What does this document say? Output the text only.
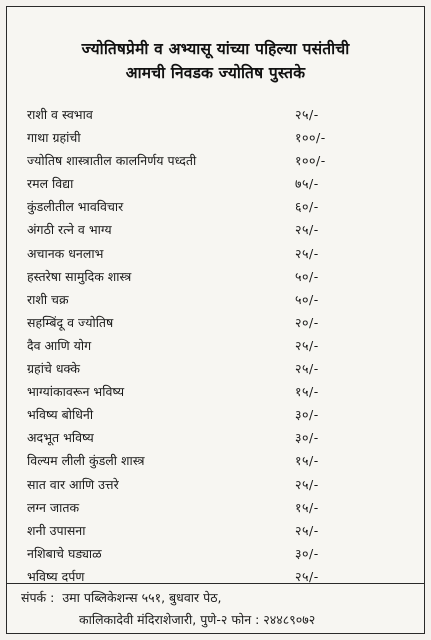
ज्योतिषप्रेमी व अभ्यासू यांच्या पहिल्या पसंतीची
आमची निवडक ज्योतिष पुस्तके
राशी व स्वभाव	२५/-
गाथा ग्रहांची	१००/-
ज्योतिष शास्त्रातील कालनिर्णय पध्दती	१००/-
रमल विद्या	७५/-
कुंडलीतील भावविचार	६०/-
अंगठी रत्ने व भाग्य	२५/-
अचानक धनलाभ	२५/-
हस्तरेषा सामुदिक शास्त्र	५०/-
राशी चक्र	५०/-
सहम्बिंदू व ज्योतिष	२०/-
दैव आणि योग	२५/-
ग्रहांचे धक्के	२५/-
भाग्यांकावरून भविष्य	१५/-
भविष्य बोधिनी	३०/-
अदभूत भविष्य	३०/-
विल्यम लीली कुंडली शास्त्र	१५/-
सात वार आणि उत्तरे	२५/-
लग्न जातक	१५/-
शनी उपासना	२५/-
नशिबाचे घड्याळ	३०/-
भविष्य दर्पण	२५/-
संपर्क : उमा पब्लिकेशन्स ५५१, बुधवार पेठ,
कालिकादेवी मंदिराशेजारी, पुणे-२ फोन : २४४८९०७२
